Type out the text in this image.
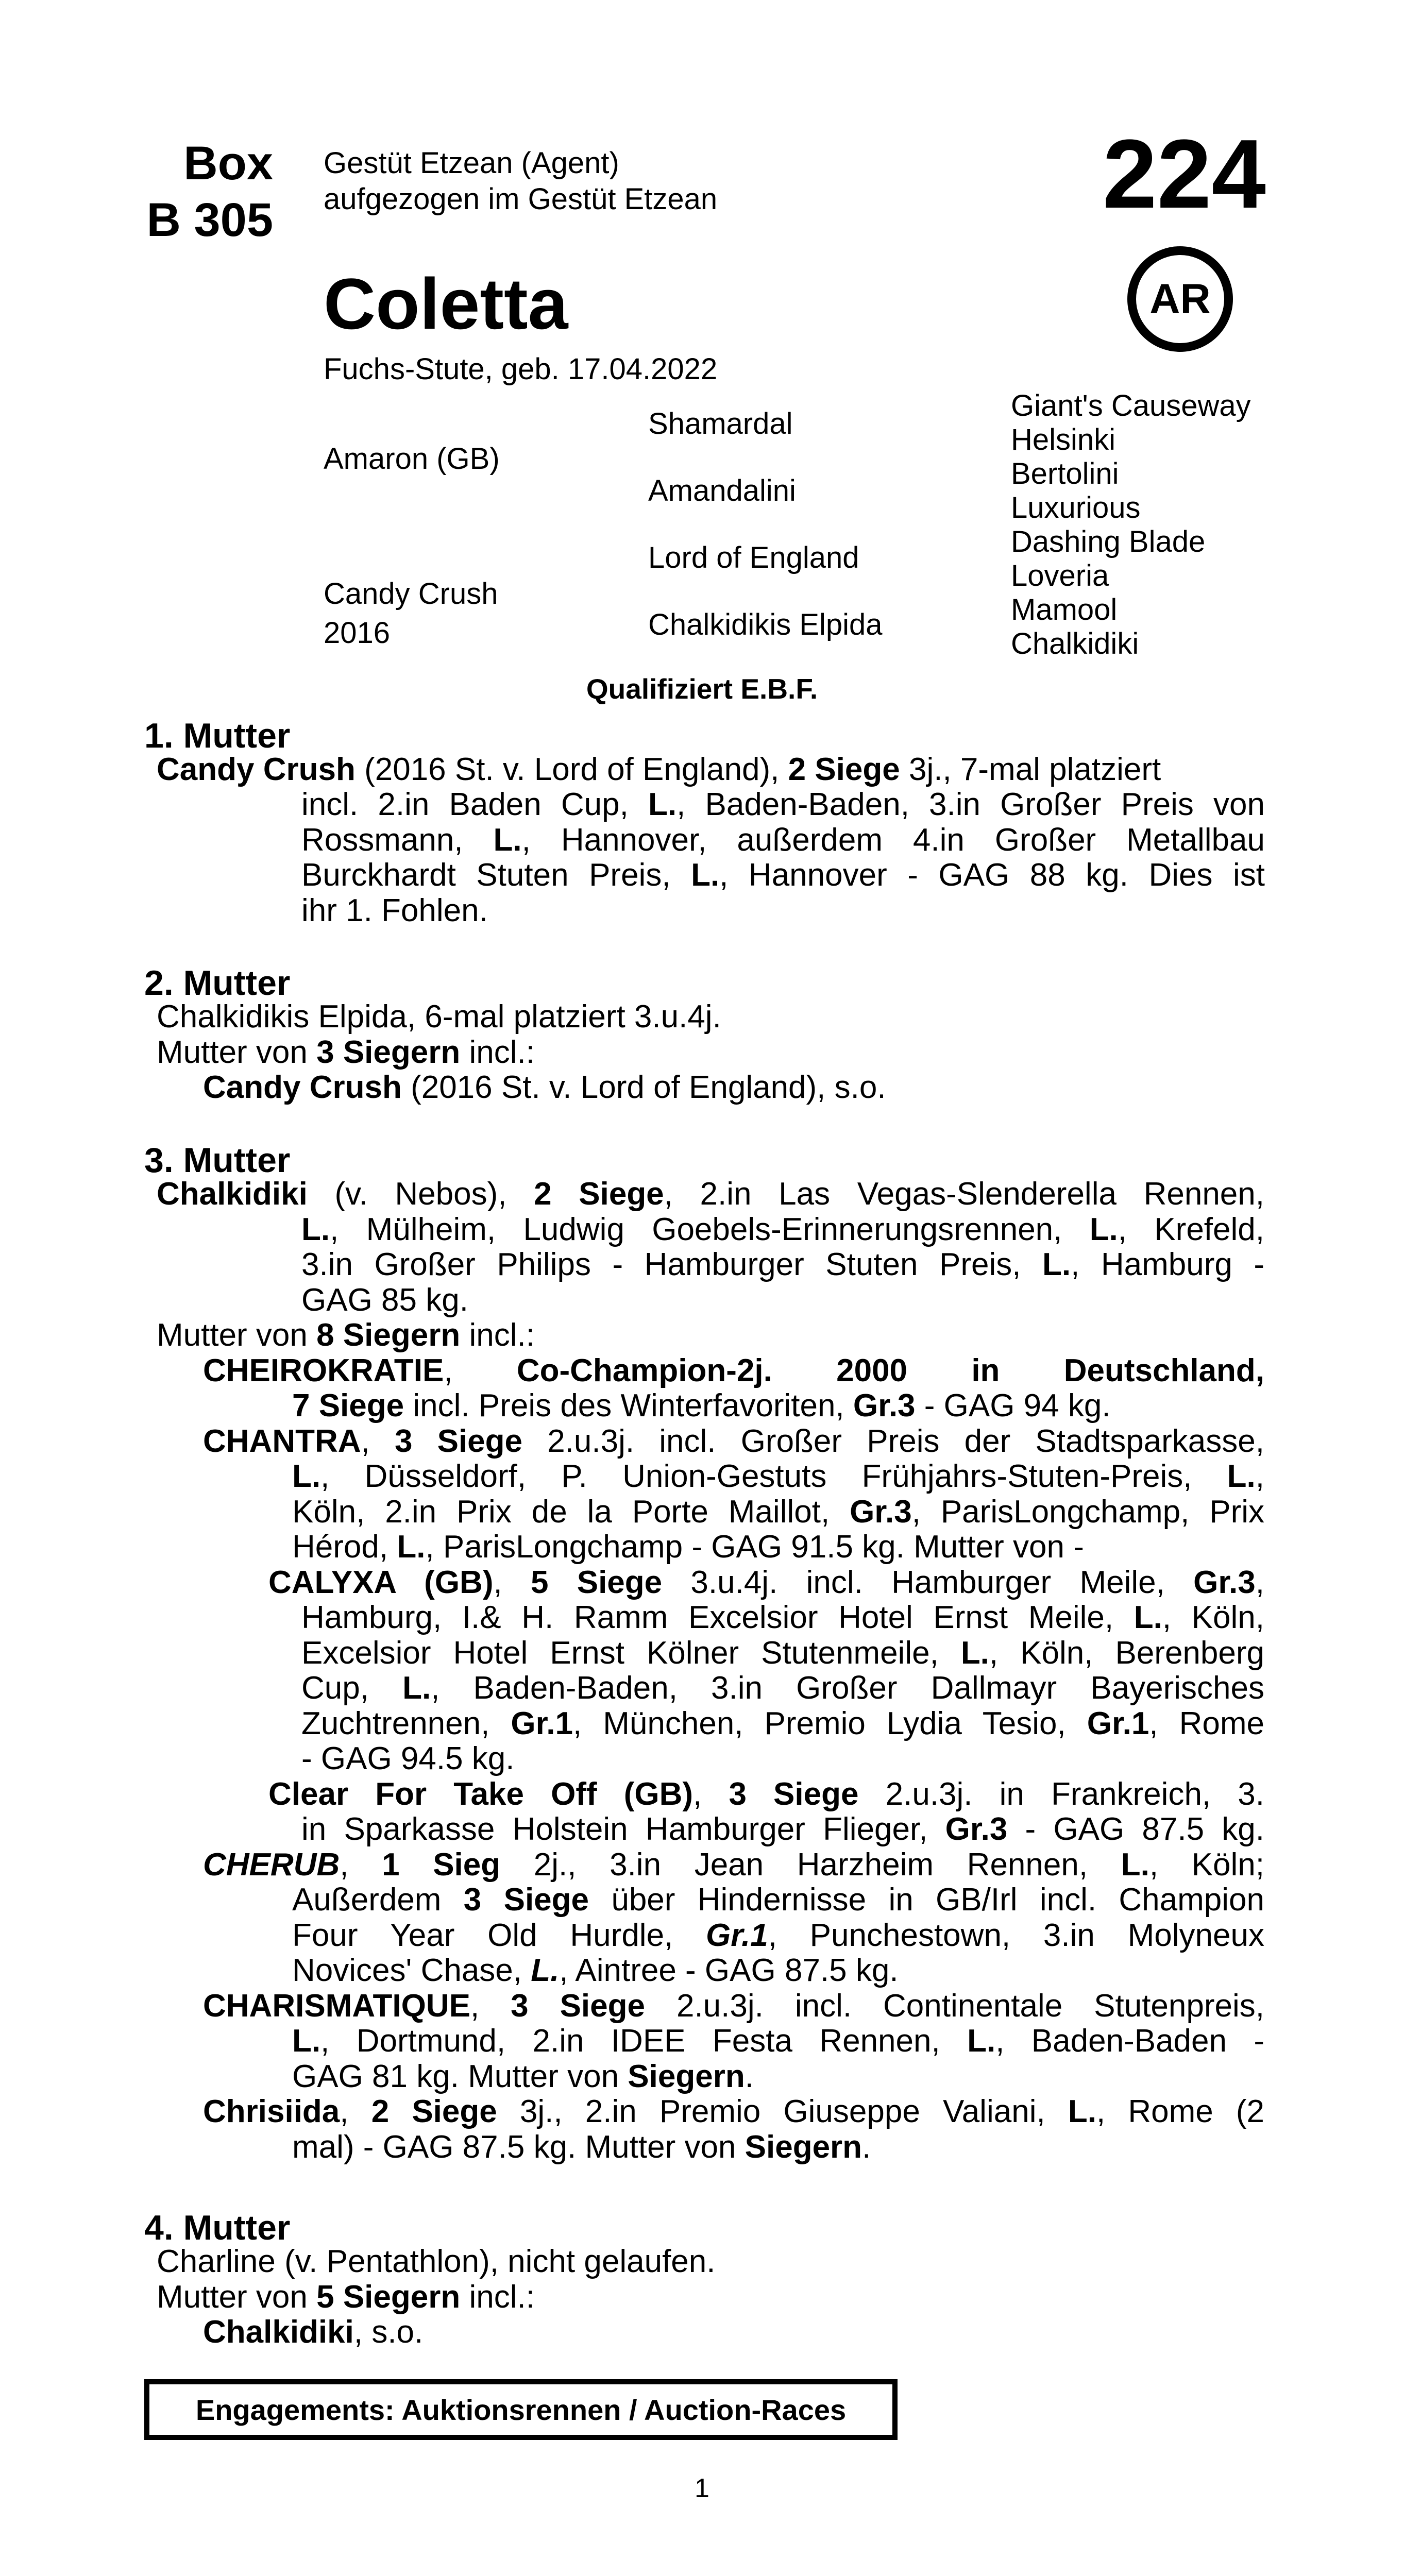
Box
B 305
Gestüt Etzean (Agent)
aufgezogen im Gestüt Etzean	224
Coletta	AR
Fuchs-Stute, geb. 17.04.2022
Amaron (GB)
Candy Crush
2016
Shamardal
Amandalini
Lord of England
Chalkidikis Elpida
Giant's Causeway
Helsinki
Bertolini
Luxurious
Dashing Blade
Loveria
Mamool
Chalkidiki
Qualifiziert E.B.F.
1. Mutter
Candy Crush (2016 St. v. Lord of England), 2 Siege 3j., 7-mal platziert
incl. 2.in Baden Cup, L., Baden-Baden, 3.in Großer Preis von
Rossmann, L., Hannover, außerdem 4.in Großer Metallbau
Burckhardt Stuten Preis, L., Hannover - GAG 88 kg. Dies ist
ihr 1. Fohlen.
2. Mutter
Chalkidikis Elpida, 6-mal platziert 3.u.4j.
Mutter von 3 Siegern incl.:
Candy Crush (2016 St. v. Lord of England), s.o.
3. Mutter
Chalkidiki (v. Nebos), 2 Siege, 2.in Las Vegas-Slenderella Rennen,
L., Mülheim, Ludwig Goebels-Erinnerungsrennen, L., Krefeld,
3.in Großer Philips - Hamburger Stuten Preis, L., Hamburg -
GAG 85 kg.
Mutter von 8 Siegern incl.:
CHEIROKRATIE, Co-Champion-2j. 2000 in Deutschland,
7 Siege incl. Preis des Winterfavoriten, Gr.3 - GAG 94 kg.
CHANTRA, 3 Siege 2.u.3j. incl. Großer Preis der Stadtsparkasse,
L., Düsseldorf, P. Union-Gestuts Frühjahrs-Stuten-Preis, L.,
Köln, 2.in Prix de la Porte Maillot, Gr.3, ParisLongchamp, Prix
Hérod, L., ParisLongchamp - GAG 91.5 kg. Mutter von -
CALYXA (GB), 5 Siege 3.u.4j. incl. Hamburger Meile, Gr.3,
Hamburg, I.& H. Ramm Excelsior Hotel Ernst Meile, L., Köln,
Excelsior Hotel Ernst Kölner Stutenmeile, L., Köln, Berenberg
Cup, L., Baden-Baden, 3.in Großer Dallmayr Bayerisches
Zuchtrennen, Gr.1, München, Premio Lydia Tesio, Gr.1, Rome
- GAG 94.5 kg.
Clear For Take Off (GB), 3 Siege 2.u.3j. in Frankreich, 3.
in Sparkasse Holstein Hamburger Flieger, Gr.3 - GAG 87.5 kg.
CHERUB, 1 Sieg 2j., 3.in Jean Harzheim Rennen, L., Köln;
Außerdem 3 Siege über Hindernisse in GB/Irl incl. Champion
Four Year Old Hurdle, Gr.1, Punchestown, 3.in Molyneux
Novices' Chase, L., Aintree - GAG 87.5 kg.
CHARISMATIQUE, 3 Siege 2.u.3j. incl. Continentale Stutenpreis,
L., Dortmund, 2.in IDEE Festa Rennen, L., Baden-Baden -
GAG 81 kg. Mutter von Siegern.
Chrisiida, 2 Siege 3j., 2.in Premio Giuseppe Valiani, L., Rome (2
mal) - GAG 87.5 kg. Mutter von Siegern.
4. Mutter
Charline (v. Pentathlon), nicht gelaufen.
Mutter von 5 Siegern incl.:
Chalkidiki, s.o.
Engagements: Auktionsrennen / Auction-Races
1
